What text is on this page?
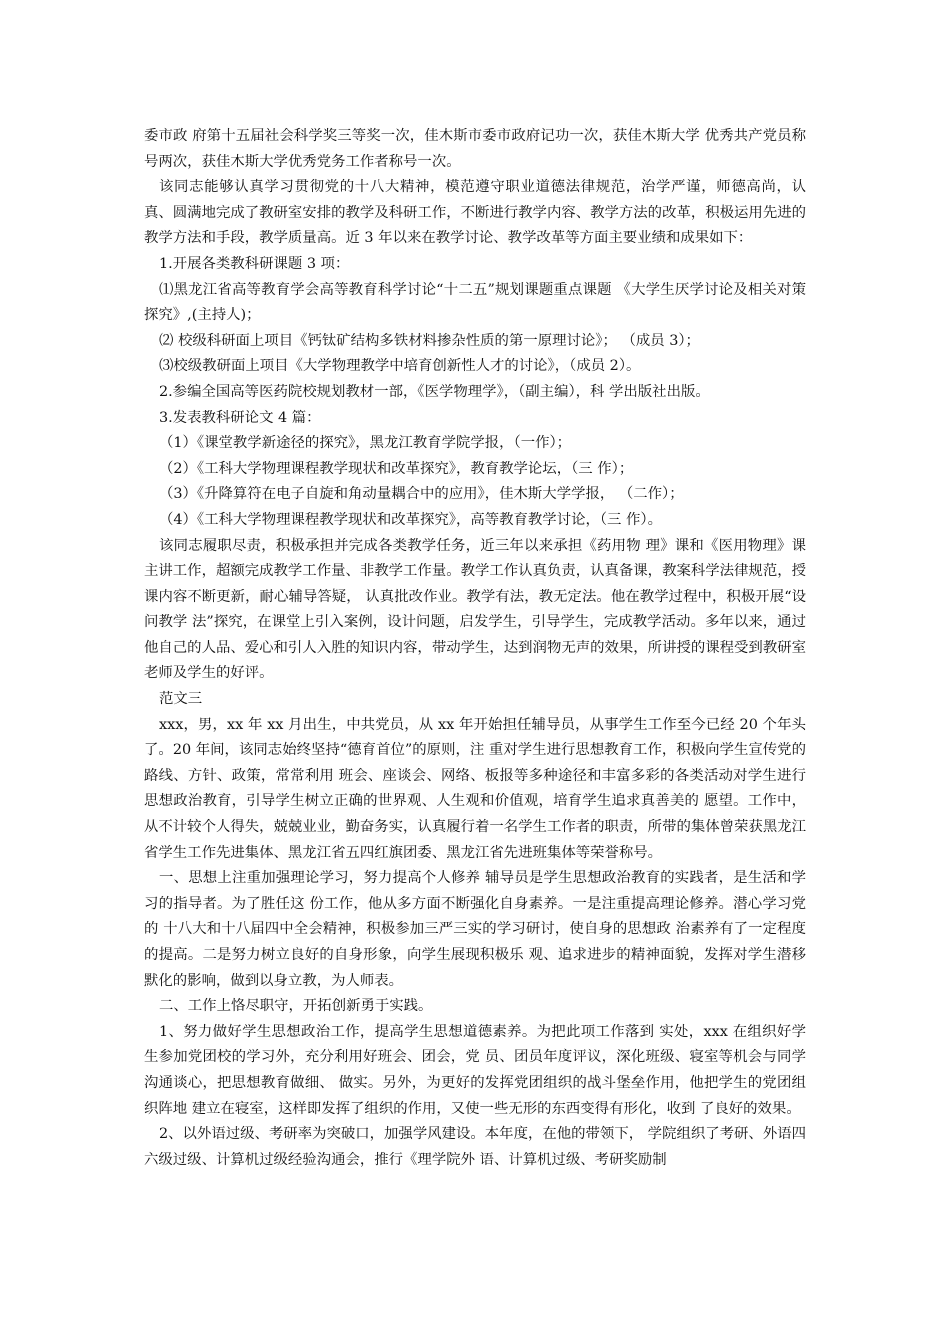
委市政 府第十五届社会科学奖三等奖一次，佳木斯市委市政府记功一次，获佳木斯大学 优秀共产党员称号两次，获佳木斯大学优秀党务工作者称号一次。

该同志能够认真学习贯彻党的十八大精神，模范遵守职业道德法律规范，治学严谨，师德高尚，认真、圆满地完成了教研室安排的教学及科研工作，不断进行教学内容、教学方法的改革，积极运用先进的教学方法和手段，教学质量高。近 3 年以来在教学讨论、教学改革等方面主要业绩和成果如下：

1.开展各类教科研课题 3 项：

⑴黑龙江省高等教育学会高等教育科学讨论“十二五”规划课题重点课题 《大学生厌学讨论及相关对策探究》,(主持人)；

⑵ 校级科研面上项目《钙钛矿结构多铁材料掺杂性质的第一原理讨论》； （成员 3）；

⑶校级教研面上项目《大学物理教学中培育创新性人才的讨论》，（成员 2）。

2.参编全国高等医药院校规划教材一部，《医学物理学》，（副主编），科 学出版社出版。

3.发表教科研论文 4 篇：

（1）《课堂教学新途径的探究》，黑龙江教育学院学报，（一作）；

（2）《工科大学物理课程教学现状和改革探究》，教育教学论坛，（三 作）；

（3）《升降算符在电子自旋和角动量耦合中的应用》，佳木斯大学学报， （二作）；

（4）《工科大学物理课程教学现状和改革探究》，高等教育教学讨论，（三 作）。

该同志履职尽责，积极承担并完成各类教学任务，近三年以来承担《药用物 理》课和《医用物理》课主讲工作，超额完成教学工作量、非教学工作量。教学工作认真负责，认真备课，教案科学法律规范，授课内容不断更新，耐心辅导答疑， 认真批改作业。教学有法，教无定法。他在教学过程中，积极开展“设问教学 法”探究，在课堂上引入案例，设计问题，启发学生，引导学生，完成教学活动。多年以来，通过他自己的人品、爱心和引人入胜的知识内容，带动学生，达到润物无声的效果，所讲授的课程受到教研室老师及学生的好评。

范文三

xxx，男，xx 年 xx 月出生，中共党员，从 xx 年开始担任辅导员，从事学生工作至今已经 20 个年头了。20 年间，该同志始终坚持“德育首位”的原则，注 重对学生进行思想教育工作，积极向学生宣传党的路线、方针、政策，常常利用 班会、座谈会、网络、板报等多种途径和丰富多彩的各类活动对学生进行思想政治教育，引导学生树立正确的世界观、人生观和价值观，培育学生追求真善美的 愿望。工作中，从不计较个人得失，兢兢业业，勤奋务实，认真履行着一名学生工作者的职责，所带的集体曾荣获黑龙江省学生工作先进集体、黑龙江省五四红旗团委、黑龙江省先进班集体等荣誉称号。

一、思想上注重加强理论学习，努力提高个人修养 辅导员是学生思想政治教育的实践者，是生活和学习的指导者。为了胜任这 份工作，他从多方面不断强化自身素养。一是注重提高理论修养。潜心学习党的 十八大和十八届四中全会精神，积极参加三严三实的学习研讨，使自身的思想政 治素养有了一定程度的提高。二是努力树立良好的自身形象，向学生展现积极乐 观、追求进步的精神面貌，发挥对学生潜移默化的影响，做到以身立教，为人师表。

二、工作上恪尽职守，开拓创新勇于实践。

1、努力做好学生思想政治工作，提高学生思想道德素养。为把此项工作落到 实处，xxx 在组织好学生参加党团校的学习外，充分利用好班会、团会，党 员、团员年度评议，深化班级、寝室等机会与同学沟通谈心，把思想教育做细、 做实。另外，为更好的发挥党团组织的战斗堡垒作用，他把学生的党团组织阵地 建立在寝室，这样即发挥了组织的作用，又使一些无形的东西变得有形化，收到 了良好的效果。

2、以外语过级、考研率为突破口，加强学风建设。本年度，在他的带领下， 学院组织了考研、外语四六级过级、计算机过级经验沟通会，推行《理学院外 语、计算机过级、考研奖励制
